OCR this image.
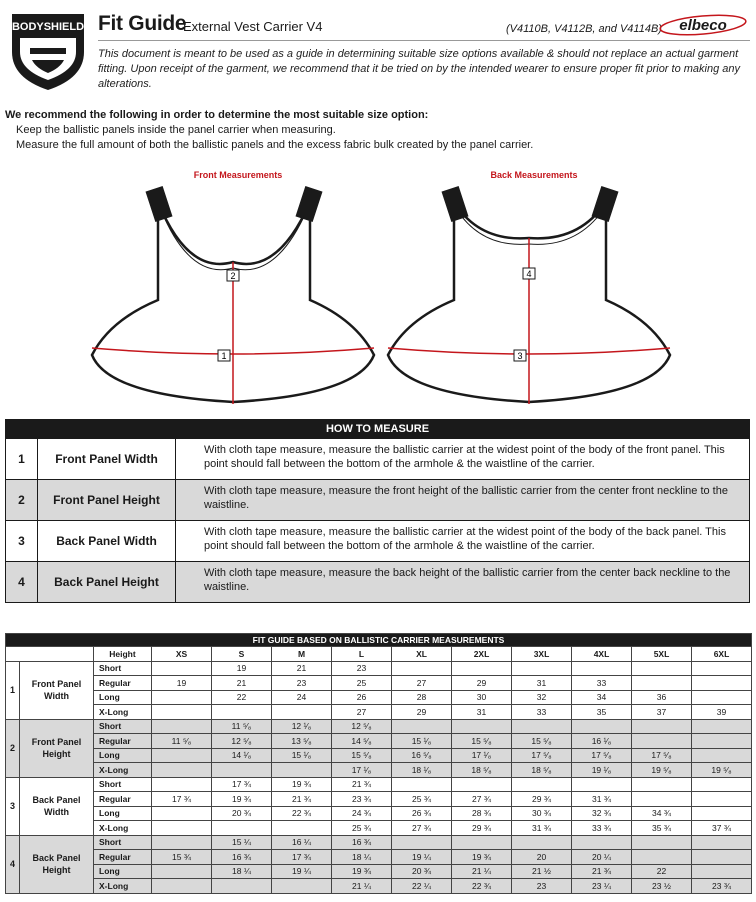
BODYSHIELD Fit Guide
External Vest Carrier V4	(V4110B, V4112B, and V4114B) elbeco

This document is meant to be used as a guide in determining suitable size options available & should not replace an actual garment fitting. Upon receipt of the garment, we recommend that it be tried on by the intended wearer to ensure proper fit prior to making any alterations.

We recommend the following in order to determine the most suitable size option:
Keep the ballistic panels inside the panel carrier when measuring.
Measure the full amount of both the ballistic panels and the excess fabric bulk created by the panel carrier.
Front Measurements
2
1
Back Measurements
4
3
HOW TO MEASURE
1	Front Panel Width
With cloth tape measure, measure the ballistic carrier at the widest point of the body of the front panel. This point should fall between the bottom of the armhole & the waistline of the carrier.
2	Front Panel Height
With cloth tape measure, measure the front height of the ballistic carrier from the center front neckline to the waistline.
3	Back Panel Width
With cloth tape measure, measure the ballistic carrier at the widest point of the body of the back panel. This point should fall between the bottom of the armhole & the waistline of the carrier.
4	Back Panel Height
With cloth tape measure, measure the back height of the ballistic carrier from the center back neckline to the waistline.
FIT GUIDE BASED ON BALLISTIC CARRIER MEASUREMENTS												
		Height	XS	S	M	L	XL	2XL	3XL	4XL	5XL	6XL
1	Front Panel Width	Short		19	21	23						
		Regular	19	21	23	25	27	29	31	33		
		Long		22	24	26	28	30	32	34	36	
		X-Long				27	29	31	33	35	37	39
2	Front Panel Height	Short		11 ⁵⁄₈	12 ¹⁄₈	12 ⁵⁄₈						
		Regular	11 ⁵⁄₈	12 ⁵⁄₈	13 ⁵⁄₈	14 ⁵⁄₈	15 ¹⁄₈	15 ⁵⁄₈	15 ⁵⁄₈	16 ¹⁄₈		
		Long		14 ¹⁄₈	15 ¹⁄₈	15 ⁵⁄₈	16 ⁵⁄₈	17 ¹⁄₈	17 ⁵⁄₈	17 ⁵⁄₈	17 ⁵⁄₈	
		X-Long				17 ¹⁄₈	18 ¹⁄₈	18 ⁵⁄₈	18 ⁵⁄₈	19 ¹⁄₈	19 ⁵⁄₈	19 ⁵⁄₈
3	Back Panel Width	Short		17 ¾	19 ¾	21 ¾						
		Regular	17 ¾	19 ¾	21 ¾	23 ¾	25 ¾	27 ¾	29 ¾	31 ¾		
		Long		20 ¾	22 ¾	24 ¾	26 ¾	28 ¾	30 ¾	32 ¾	34 ¾	
		X-Long				25 ¾	27 ¾	29 ¾	31 ¾	33 ¾	35 ¾	37 ¾
4	Back Panel Height	Short		15 ¼	16 ¼	16 ¾						
		Regular	15 ¾	16 ¾	17 ¾	18 ¼	19 ¼	19 ¾	20	20 ¼		
		Long		18 ¼	19 ¼	19 ¾	20 ¾	21 ¼	21 ½	21 ¾	22	
		X-Long				21 ¼	22 ¼	22 ¾	23	23 ¼	23 ½	23 ¾
